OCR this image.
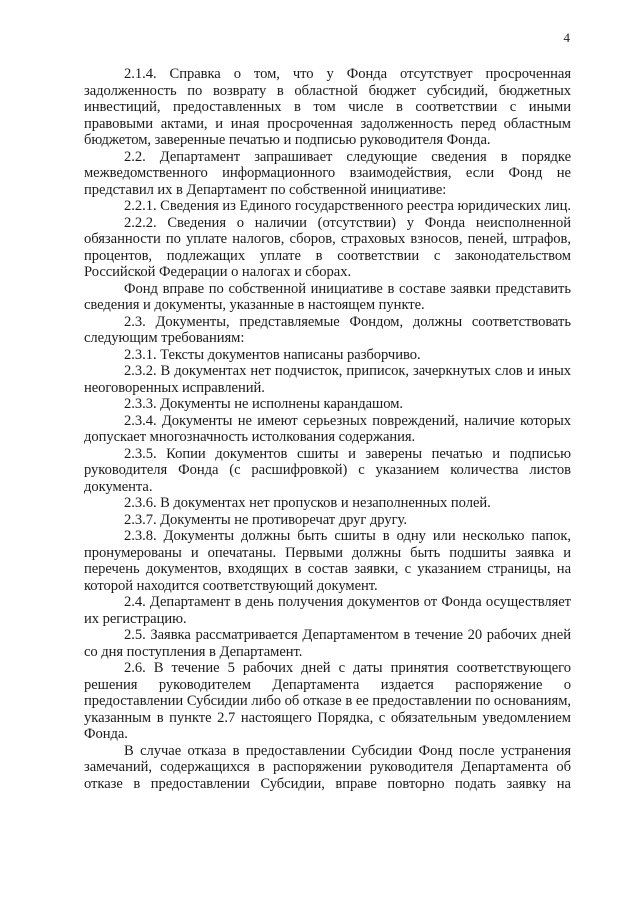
4

2.1.4. Справка о том, что у Фонда отсутствует просроченная задолженность по возврату в областной бюджет субсидий, бюджетных инвестиций, предоставленных в том числе в соответствии с иными правовыми актами, и иная просроченная задолженность перед областным бюджетом, заверенные печатью и подписью руководителя Фонда.

2.2. Департамент запрашивает следующие сведения в порядке межведомственного информационного взаимодействия, если Фонд не представил их в Департамент по собственной инициативе:

2.2.1. Сведения из Единого государственного реестра юридических лиц.

2.2.2. Сведения о наличии (отсутствии) у Фонда неисполненной обязанности по уплате налогов, сборов, страховых взносов, пеней, штрафов, процентов, подлежащих уплате в соответствии с законодательством Российской Федерации о налогах и сборах.

Фонд вправе по собственной инициативе в составе заявки представить сведения и документы, указанные в настоящем пункте.

2.3. Документы, представляемые Фондом, должны соответствовать следующим требованиям:

2.3.1. Тексты документов написаны разборчиво.

2.3.2. В документах нет подчисток, приписок, зачеркнутых слов и иных неоговоренных исправлений.

2.3.3. Документы не исполнены карандашом.

2.3.4. Документы не имеют серьезных повреждений, наличие которых допускает многозначность истолкования содержания.

2.3.5. Копии документов сшиты и заверены печатью и подписью руководителя Фонда (с расшифровкой) с указанием количества листов документа.

2.3.6. В документах нет пропусков и незаполненных полей.

2.3.7. Документы не противоречат друг другу.

2.3.8. Документы должны быть сшиты в одну или несколько папок, пронумерованы и опечатаны. Первыми должны быть подшиты заявка и перечень документов, входящих в состав заявки, с указанием страницы, на которой находится соответствующий документ.

2.4. Департамент в день получения документов от Фонда осуществляет их регистрацию.

2.5. Заявка рассматривается Департаментом в течение 20 рабочих дней со дня поступления в Департамент.

2.6. В течение 5 рабочих дней с даты принятия соответствующего решения руководителем Департамента издается распоряжение о предоставлении Субсидии либо об отказе в ее предоставлении по основаниям, указанным в пункте 2.7 настоящего Порядка, с обязательным уведомлением Фонда.

В случае отказа в предоставлении Субсидии Фонд после устранения замечаний, содержащихся в распоряжении руководителя Департамента об отказе в предоставлении Субсидии, вправе повторно подать заявку на
